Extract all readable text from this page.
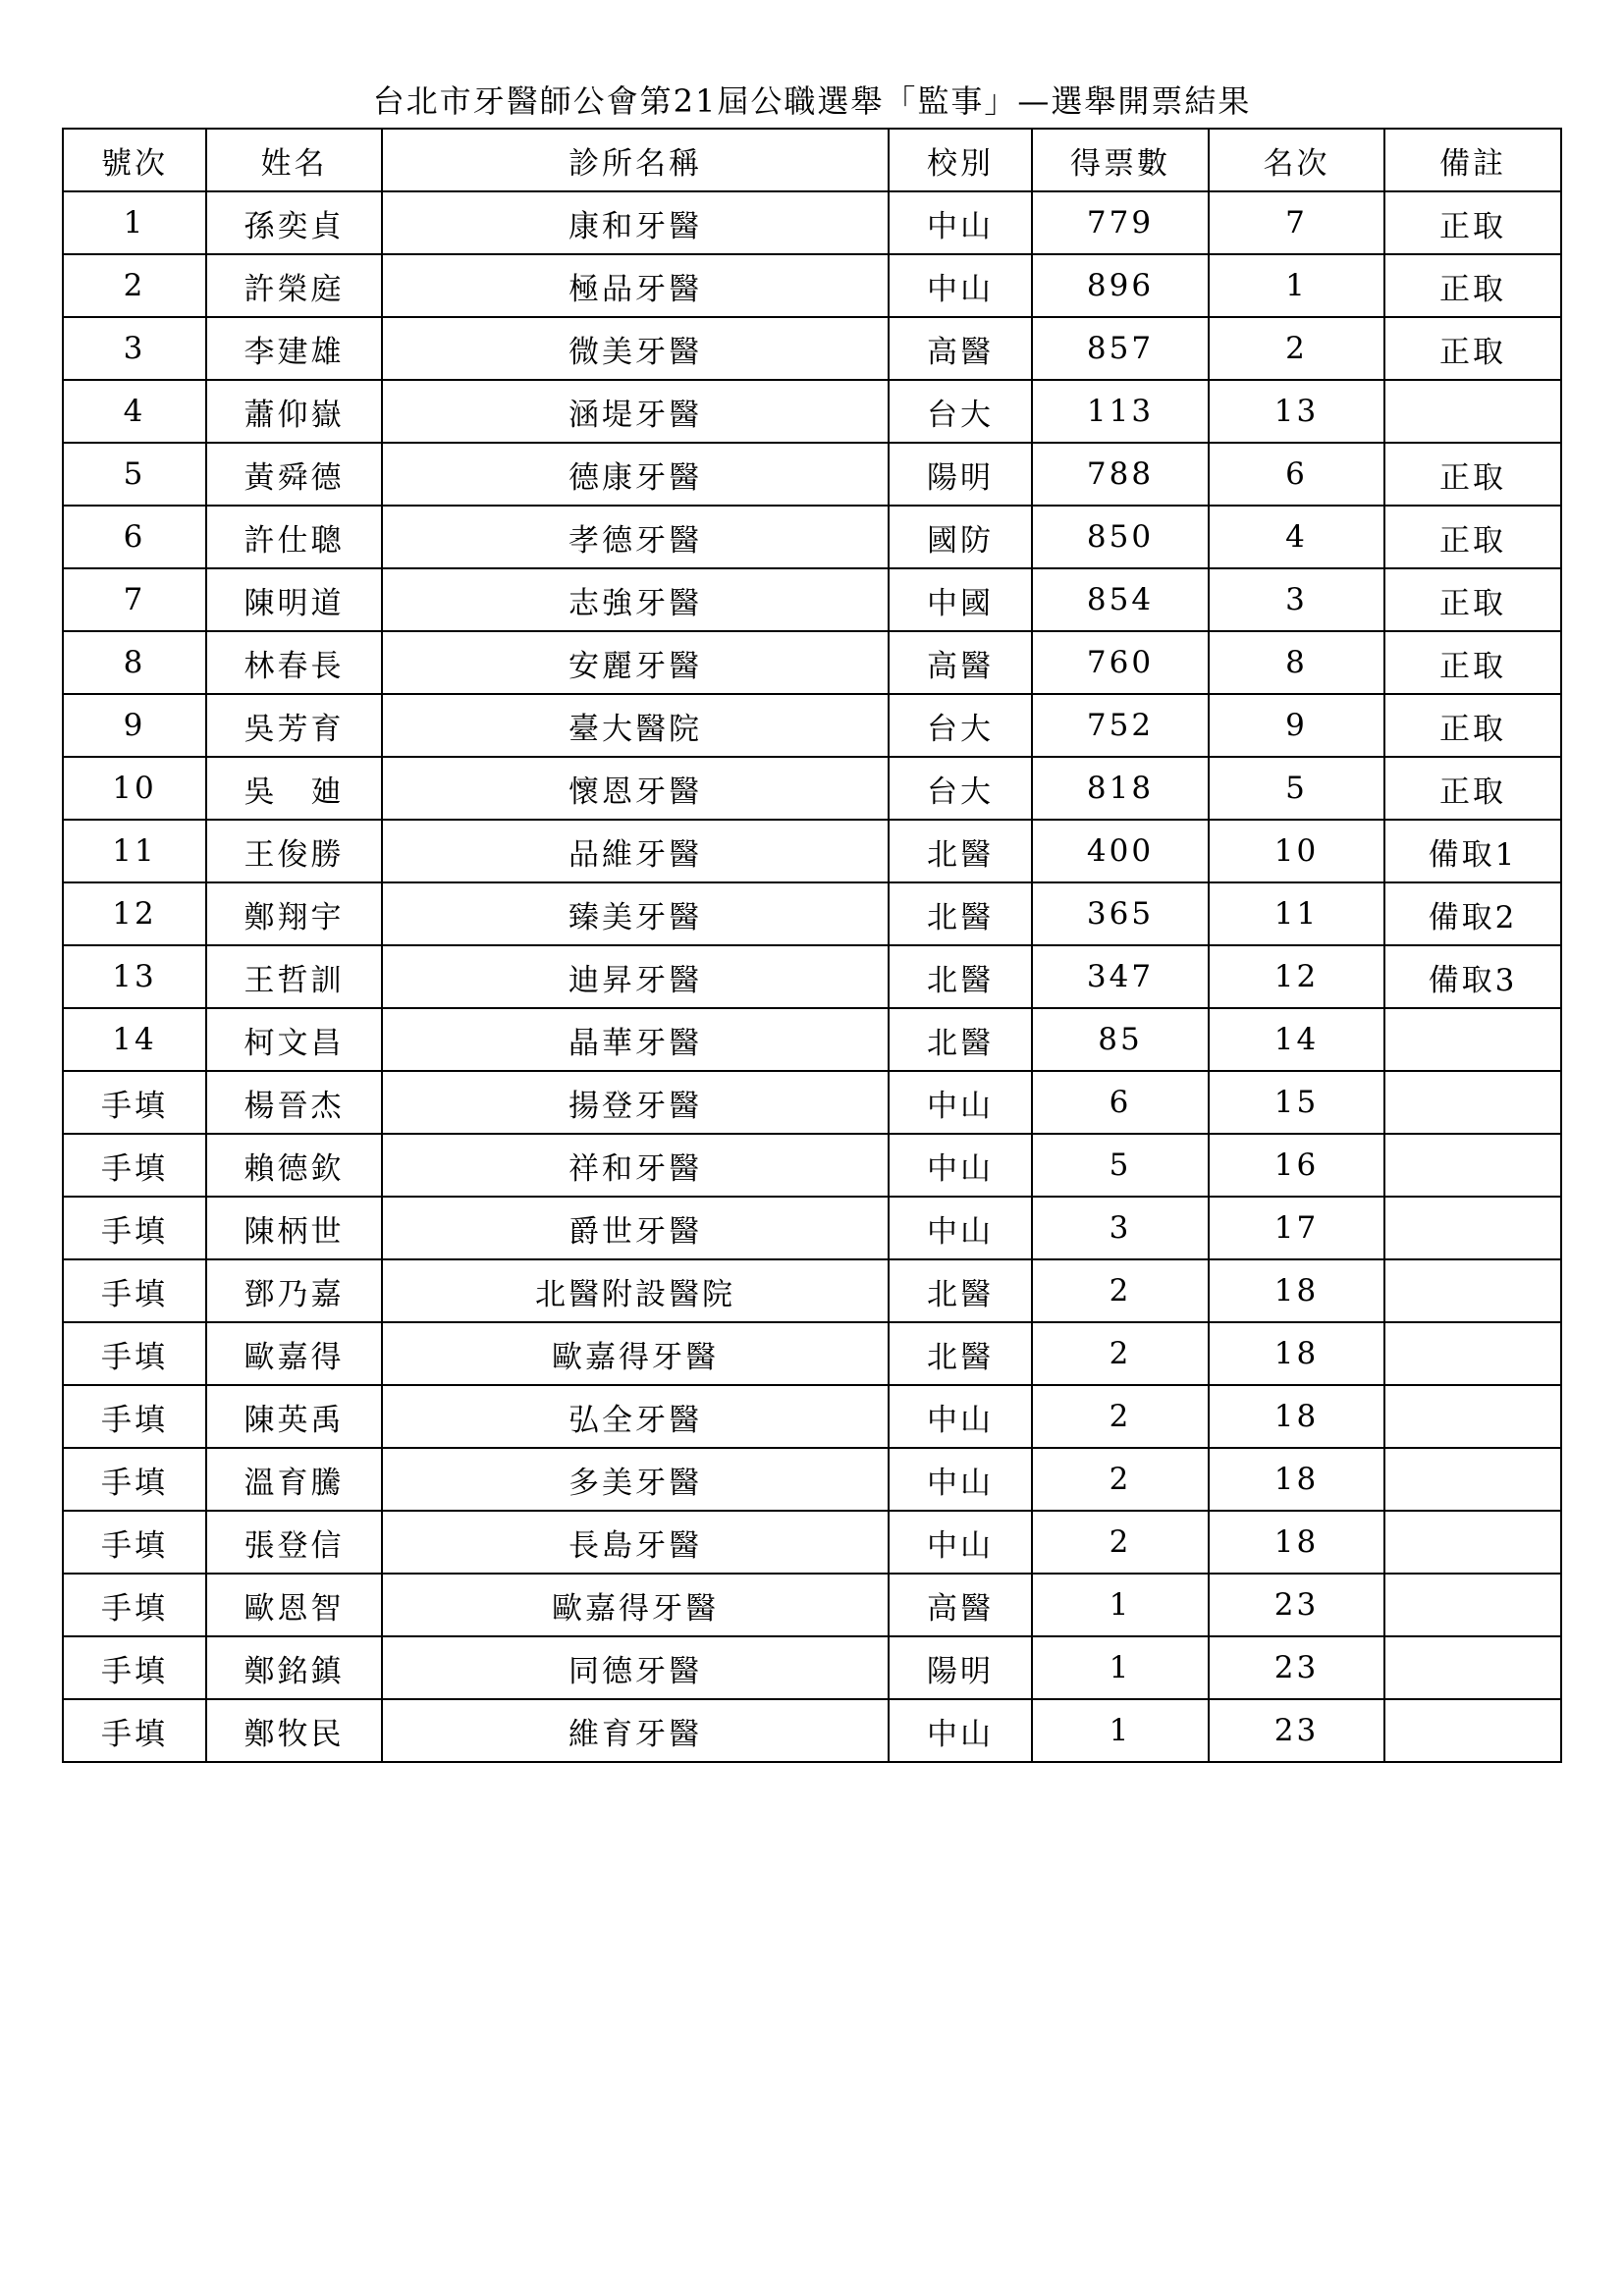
台北市牙醫師公會第21屆公職選舉「監事」—選舉開票結果
號次	姓名	診所名稱	校別	得票數	名次	備註
1	孫奕貞	康和牙醫	中山	779	7	正取
2	許榮庭	極品牙醫	中山	896	1	正取
3	李建雄	微美牙醫	高醫	857	2	正取
4	蕭仰嶽	涵堤牙醫	台大	113	13	
5	黃舜德	德康牙醫	陽明	788	6	正取
6	許仕聰	孝德牙醫	國防	850	4	正取
7	陳明道	志強牙醫	中國	854	3	正取
8	林春長	安麗牙醫	高醫	760	8	正取
9	吳芳育	臺大醫院	台大	752	9	正取
10	吳　廸	懷恩牙醫	台大	818	5	正取
11	王俊勝	品維牙醫	北醫	400	10	備取1
12	鄭翔宇	臻美牙醫	北醫	365	11	備取2
13	王哲訓	迪昇牙醫	北醫	347	12	備取3
14	柯文昌	晶華牙醫	北醫	85	14	
手填	楊晉杰	揚登牙醫	中山	6	15	
手填	賴德欽	祥和牙醫	中山	5	16	
手填	陳柄世	爵世牙醫	中山	3	17	
手填	鄧乃嘉	北醫附設醫院	北醫	2	18	
手填	歐嘉得	歐嘉得牙醫	北醫	2	18	
手填	陳英禹	弘全牙醫	中山	2	18	
手填	溫育騰	多美牙醫	中山	2	18	
手填	張登信	長島牙醫	中山	2	18	
手填	歐恩智	歐嘉得牙醫	高醫	1	23	
手填	鄭銘鎮	同德牙醫	陽明	1	23	
手填	鄭牧民	維育牙醫	中山	1	23	
